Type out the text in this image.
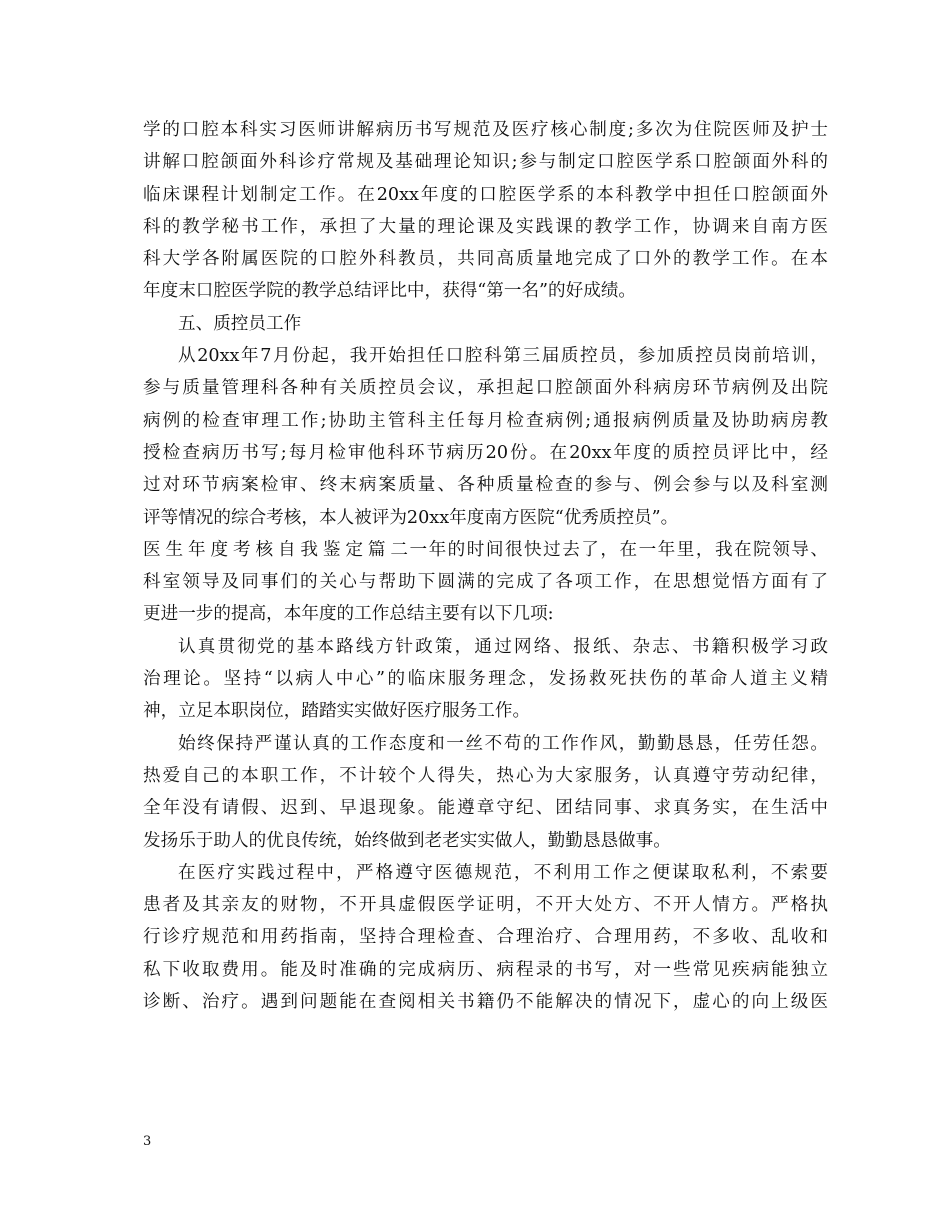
学的口腔本科实习医师讲解病历书写规范及医疗核心制度;多次为住院医师及护士
讲解口腔颌面外科诊疗常规及基础理论知识;参与制定口腔医学系口腔颌面外科的
临床课程计划制定工作。在20xx年度的口腔医学系的本科教学中担任口腔颌面外
科的教学秘书工作，承担了大量的理论课及实践课的教学工作，协调来自南方医
科大学各附属医院的口腔外科教员，共同高质量地完成了口外的教学工作。在本
年度末口腔医学院的教学总结评比中，获得“第一名”的好成绩。
五、质控员工作
从20xx年7月份起，我开始担任口腔科第三届质控员，参加质控员岗前培训，
参与质量管理科各种有关质控员会议，承担起口腔颌面外科病房环节病例及出院
病例的检查审理工作;协助主管科主任每月检查病例;通报病例质量及协助病房教
授检查病历书写;每月检审他科环节病历20份。在20xx年度的质控员评比中，经
过对环节病案检审、终末病案质量、各种质量检查的参与、例会参与以及科室测
评等情况的综合考核，本人被评为20xx年度南方医院“优秀质控员”。
医生年度考核自我鉴定篇二一年的时间很快过去了，在一年里，我在院领导、
科室领导及同事们的关心与帮助下圆满的完成了各项工作，在思想觉悟方面有了
更进一步的提高，本年度的工作总结主要有以下几项:
认真贯彻党的基本路线方针政策，通过网络、报纸、杂志、书籍积极学习政
治理论。坚持“以病人中心”的临床服务理念，发扬救死扶伤的革命人道主义精
神，立足本职岗位，踏踏实实做好医疗服务工作。
始终保持严谨认真的工作态度和一丝不苟的工作作风，勤勤恳恳，任劳任怨。
热爱自己的本职工作，不计较个人得失，热心为大家服务，认真遵守劳动纪律，
全年没有请假、迟到、早退现象。能遵章守纪、团结同事、求真务实，在生活中
发扬乐于助人的优良传统，始终做到老老实实做人，勤勤恳恳做事。
在医疗实践过程中，严格遵守医德规范，不利用工作之便谋取私利，不索要
患者及其亲友的财物，不开具虚假医学证明，不开大处方、不开人情方。严格执
行诊疗规范和用药指南，坚持合理检查、合理治疗、合理用药，不多收、乱收和
私下收取费用。能及时准确的完成病历、病程录的书写，对一些常见疾病能独立
诊断、治疗。遇到问题能在查阅相关书籍仍不能解决的情况下，虚心的向上级医
3
